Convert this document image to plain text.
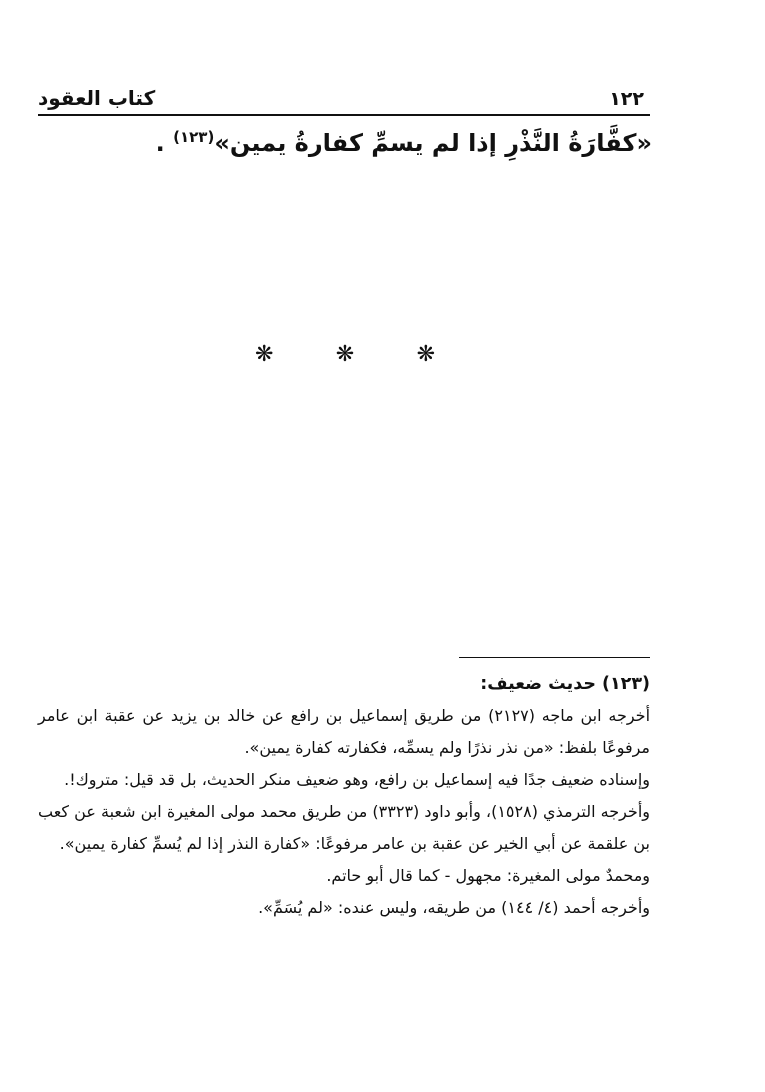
١٢٢
كتاب العقود
«كفَّارَةُ النَّذْرِ إذا لم يسمِّ كفارةُ يمين»$^{(١٢٣)}$ .
❋	❋	❋

(١٢٣)حديث ضعيف:

أخرجه ابن ماجه (٢١٢٧) من طريق إسماعيل بن رافع عن خالد بن يزيد عن عقبة ابن عامر مرفوعًا بلفظ: «من نذر نذرًا ولم يسمِّه، فكفارته كفارة يمين».

وإسناده ضعيف جدًا فيه إسماعيل بن رافع، وهو ضعيف منكر الحديث، بل قد قيل: متروك!.

وأخرجه الترمذي (١٥٢٨)، وأبو داود (٣٣٢٣) من طريق محمد مولى المغيرة ابن شعبة عن كعب بن علقمة عن أبي الخير عن عقبة بن عامر مرفوعًا: «كفارة النذر إذا لم يُسمِّ كفارة يمين».

ومحمدٌ مولى المغيرة: مجهول - كما قال أبو حاتم.

وأخرجه أحمد (٤/ ١٤٤) من طريقه، وليس عنده: «لم يُسَمِّ».
